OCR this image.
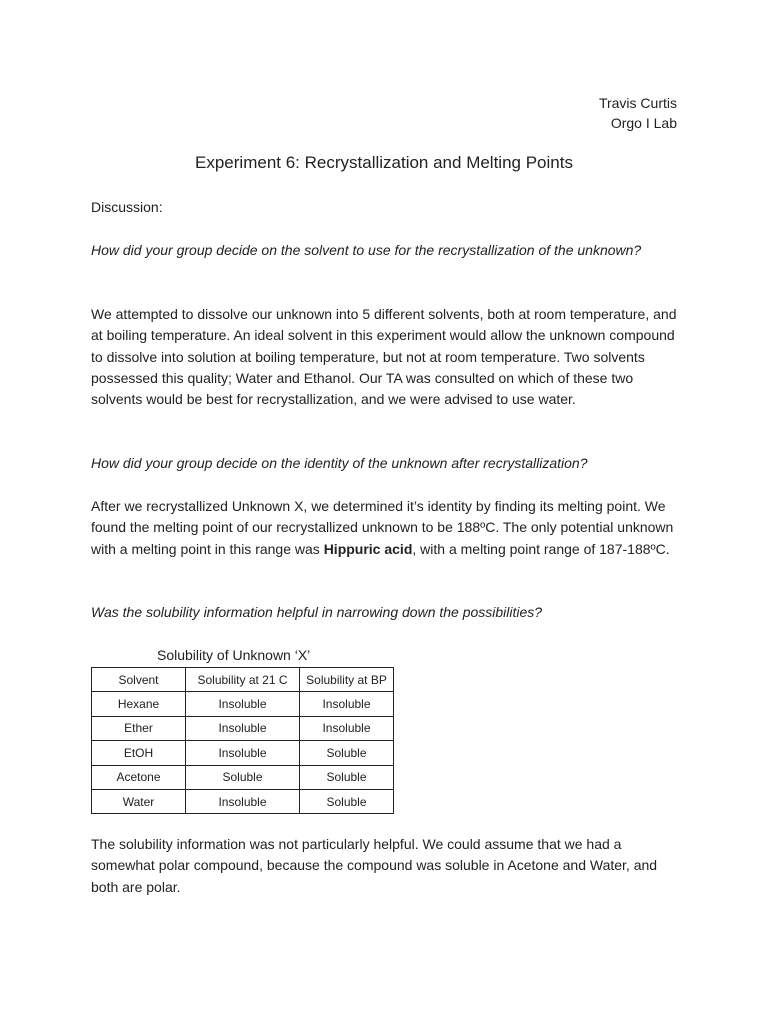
Travis Curtis
Orgo I Lab
Experiment 6: Recrystallization and Melting Points
Discussion:
How did your group decide on the solvent to use for the recrystallization of the unknown?
We attempted to dissolve our unknown into 5 different solvents, both at room temperature, and at boiling temperature. An ideal solvent in this experiment would allow the unknown compound to dissolve into solution at boiling temperature, but not at room temperature. Two solvents possessed this quality; Water and Ethanol. Our TA was consulted on which of these two solvents would be best for recrystallization, and we were advised to use water.
How did your group decide on the identity of the unknown after recrystallization?
After we recrystallized Unknown X, we determined it’s identity by finding its melting point. We found the melting point of our recrystallized unknown to be 188ºC. The only potential unknown with a melting point in this range was Hippuric acid, with a melting point range of 187-188ºC.
Was the solubility information helpful in narrowing down the possibilities?
Solubility of Unknown ‘X’
Solvent	Solubility at 21 C	Solubility at BP
Hexane	Insoluble	Insoluble
Ether	Insoluble	Insoluble
EtOH	Insoluble	Soluble
Acetone	Soluble	Soluble
Water	Insoluble	Soluble
The solubility information was not particularly helpful. We could assume that we had a somewhat polar compound, because the compound was soluble in Acetone and Water, and both are polar.
